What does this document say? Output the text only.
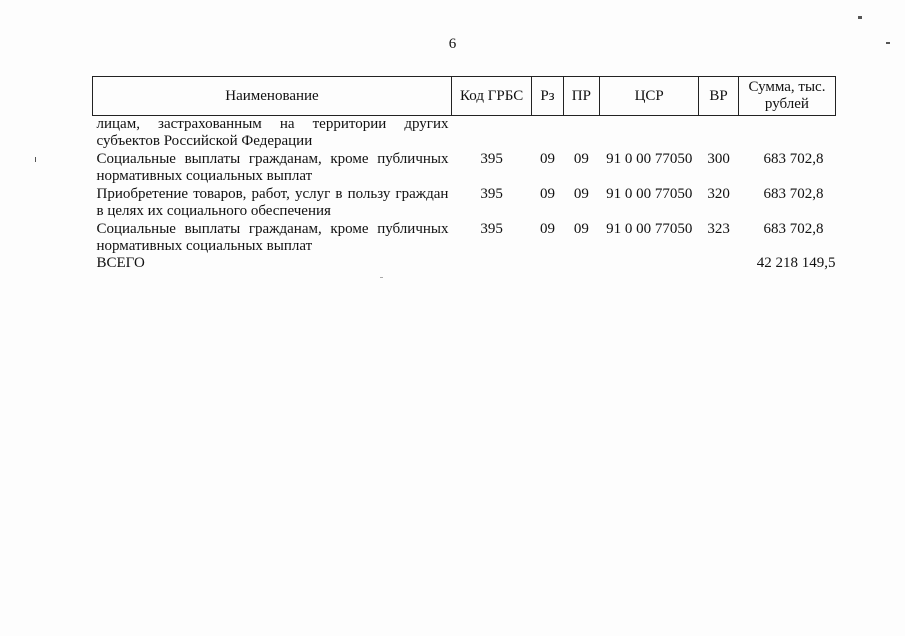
6
Наименование	Код ГРБС	Рз	ПР	ЦСР	ВР	Сумма, тыс. рублей
лицам, застрахованным на территории других субъектов Российской Федерации						
Социальные выплаты гражданам, кроме публичных нормативных социальных выплат	395	09	09	91 0 00 77050	300	683 702,8
Приобретение товаров, работ, услуг в пользу граждан в целях их социального обеспечения	395	09	09	91 0 00 77050	320	683 702,8
Социальные выплаты гражданам, кроме публичных нормативных социальных выплат	395	09	09	91 0 00 77050	323	683 702,8
ВСЕГО						42 218 149,5
